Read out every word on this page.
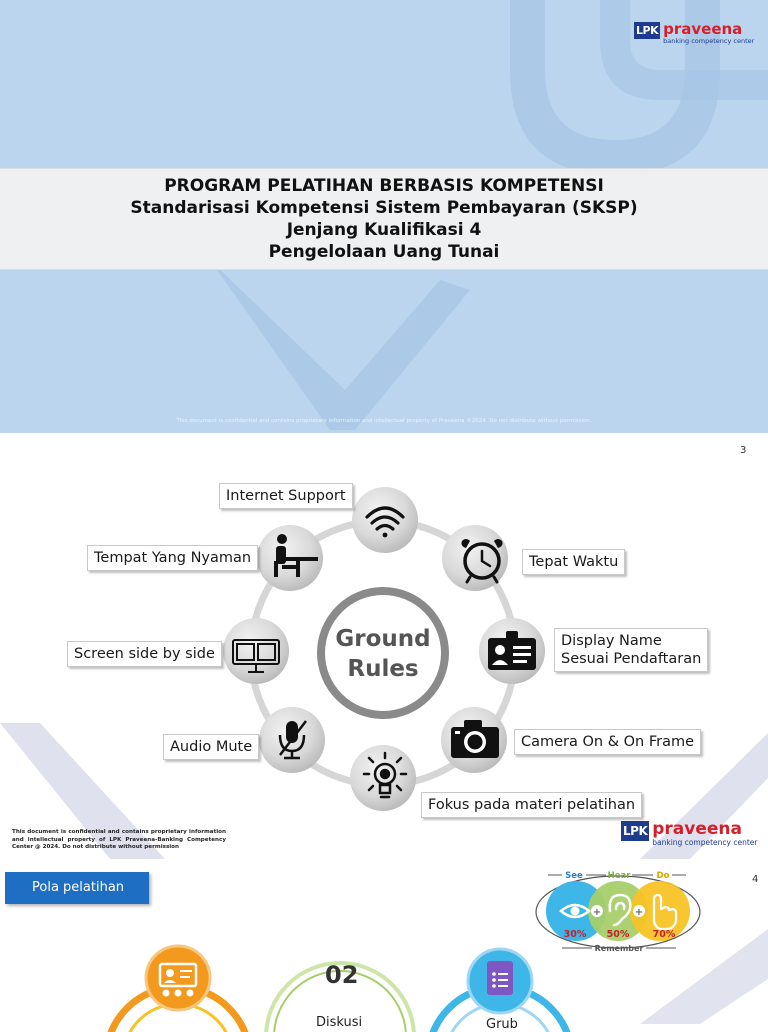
LPK praveena
banking competency center
PROGRAM PELATIHAN BERBASIS KOMPETENSI
Standarisasi Kompetensi Sistem Pembayaran (SKSP)
Jenjang Kualifikasi 4
Pengelolaan Uang Tunai
This document is confidential and contains proprietary information and intellectual property of Praveena ©2024. Do not distribute without permission.
Ground
Rules
3
Internet Support
Tempat Yang Nyaman	Tepat Waktu
Screen side by side
Display Name
Sesuai Pendaftaran
Audio Mute	Camera On & On Frame
Fokus pada materi pelatihan
This document is confidential and contains proprietary information and intellectual property of LPK Praveena-Banking Competency Center @ 2024. Do not distribute without permission
LPK praveena
banking competency center
+	+
See	Hear	Do
30% 50% 70%
Remember
Pola pelatihan
4
02
Diskusi	Grub
